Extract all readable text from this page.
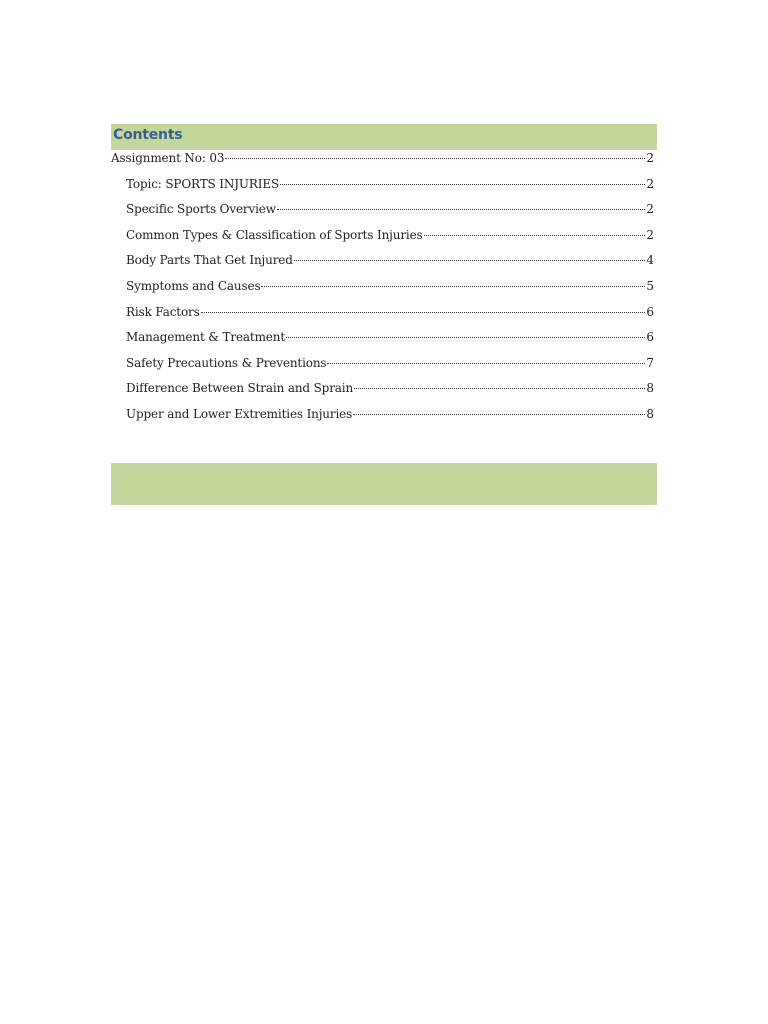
Contents
Assignment No: 03	2
Topic: SPORTS INJURIES	2
Specific Sports Overview	2
Common Types & Classification of Sports Injuries	2
Body Parts That Get Injured	4
Symptoms and Causes	5
Risk Factors	6
Management & Treatment	6
Safety Precautions & Preventions	7
Difference Between Strain and Sprain	8
Upper and Lower Extremities Injuries	8
